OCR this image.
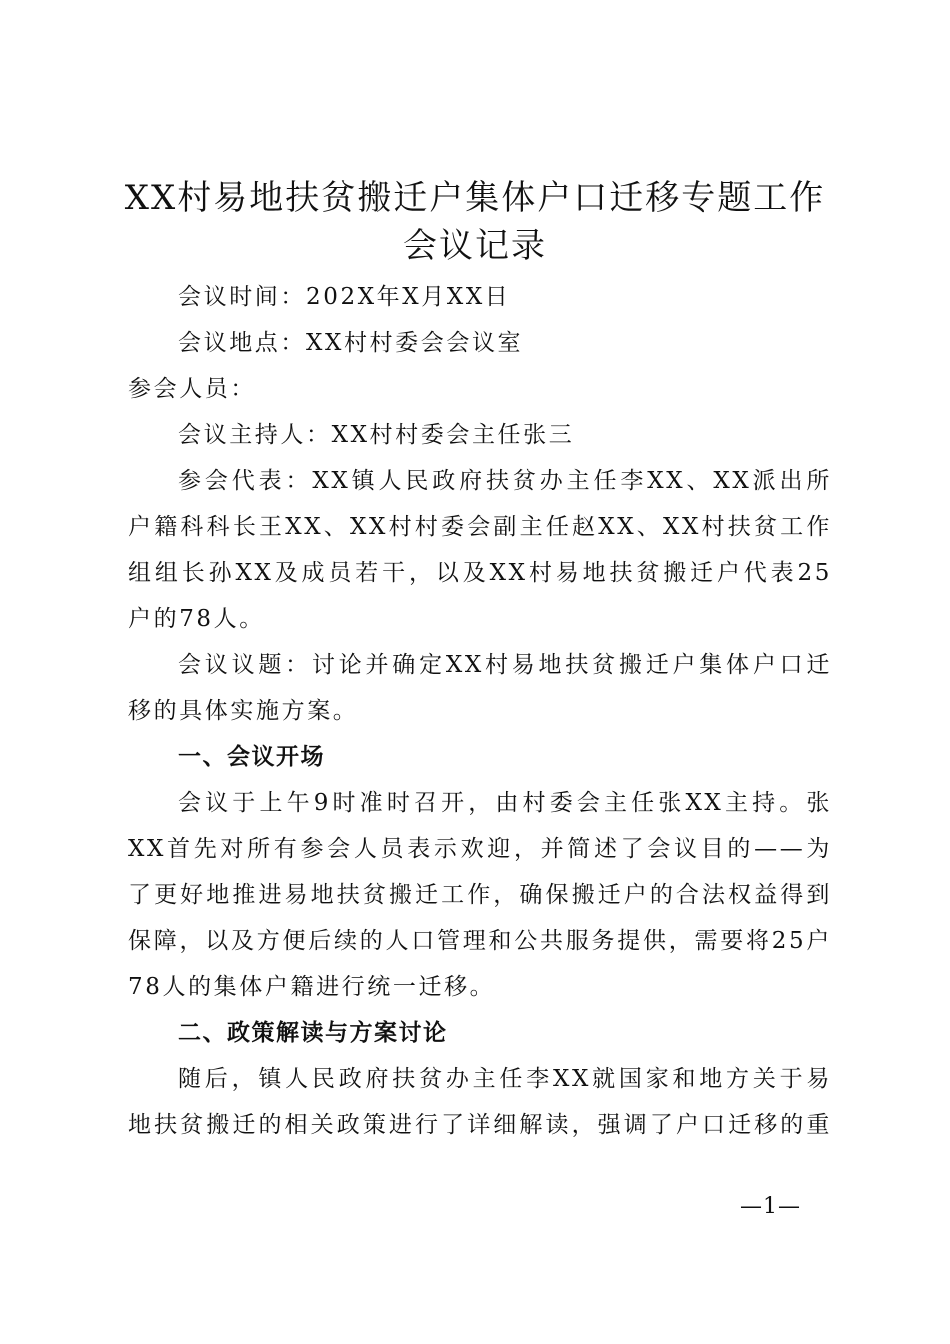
XX村易地扶贫搬迁户集体户口迁移专题工作
会议记录

会议时间：202X年X月XX日

会议地点：XX村村委会会议室

参会人员：

会议主持人：XX村村委会主任张三

参会代表：XX镇人民政府扶贫办主任李XX、XX派出所
户籍科科长王XX、XX村村委会副主任赵XX、XX村扶贫工作
组组长孙XX及成员若干，以及XX村易地扶贫搬迁户代表25
户的78人。

会议议题：讨论并确定XX村易地扶贫搬迁户集体户口迁
移的具体实施方案。

一、会议开场

会议于上午9时准时召开，由村委会主任张XX主持。张
XX首先对所有参会人员表示欢迎，并简述了会议目的——为
了更好地推进易地扶贫搬迁工作，确保搬迁户的合法权益得到
保障，以及方便后续的人口管理和公共服务提供，需要将25户
78人的集体户籍进行统一迁移。

二、政策解读与方案讨论

随后，镇人民政府扶贫办主任李XX就国家和地方关于易
地扶贫搬迁的相关政策进行了详细解读，强调了户口迁移的重

—1—
